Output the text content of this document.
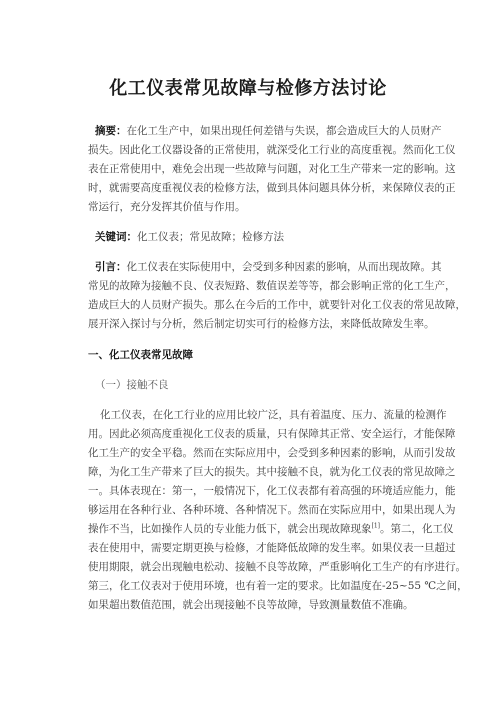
化工仪表常见故障与检修方法讨论
摘要：在化工生产中，如果出现任何差错与失误，都会造成巨大的人员财产
损失。因此化工仪器设备的正常使用，就深受化工行业的高度重视。然而化工仪
表在正常使用中，难免会出现一些故障与问题，对化工生产带来一定的影响。这
时，就需要高度重视仪表的检修方法，做到具体问题具体分析，来保障仪表的正
常运行，充分发挥其价值与作用。
关键词：化工仪表；常见故障；检修方法
引言：化工仪表在实际使用中，会受到多种因素的影响，从而出现故障。其
常见的故障为接触不良、仪表短路、数值误差等等，都会影响正常的化工生产，
造成巨大的人员财产损失。那么在今后的工作中，就要针对化工仪表的常见故障，
展开深入探讨与分析，然后制定切实可行的检修方法，来降低故障发生率。
一、化工仪表常见故障
（一）接触不良
化工仪表，在化工行业的应用比较广泛，具有着温度、压力、流量的检测作
用。因此必须高度重视化工仪表的质量，只有保障其正常、安全运行，才能保障
化工生产的安全平稳。然而在实际应用中，会受到多种因素的影响，从而引发故
障，为化工生产带来了巨大的损失。其中接触不良，就为化工仪表的常见故障之
一。具体表现在：第一，一般情况下，化工仪表都有着高强的环境适应能力，能
够运用在各种行业、各种环境、各种情况下。然而在实际应用中，如果出现人为
操作不当，比如操作人员的专业能力低下，就会出现故障现象[1]。第二，化工仪
表在使用中，需要定期更换与检修，才能降低故障的发生率。如果仪表一旦超过
使用期限，就会出现触电松动、接触不良等故障，严重影响化工生产的有序进行。
第三，化工仪表对于使用环境，也有着一定的要求。比如温度在-25~55 ℃之间，
如果超出数值范围，就会出现接触不良等故障，导致测量数值不准确。
